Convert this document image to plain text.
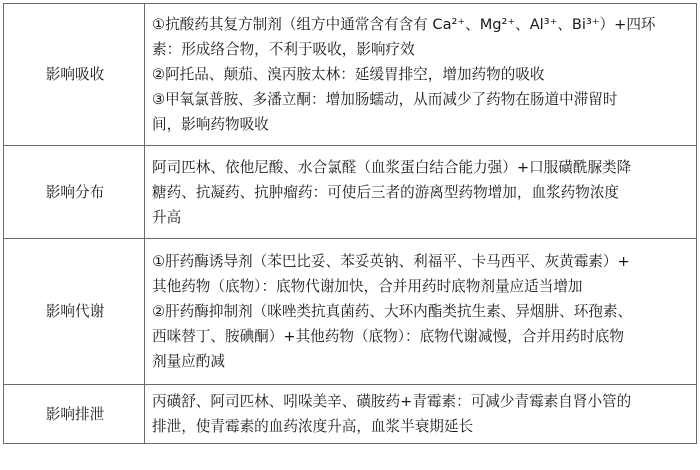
影响吸收	①抗酸药其复方制剂（组方中通常含有含有 Ca²⁺、Mg²⁺、Al³⁺、Bi³⁺）+四环
素：形成络合物，不利于吸收，影响疗效
②阿托品、颠茄、溴丙胺太林：延缓胃排空，增加药物的吸收
③甲氧氯普胺、多潘立酮：增加肠蠕动，从而减少了药物在肠道中滞留时
间，影响药物吸收

影响分布	阿司匹林、依他尼酸、水合氯醛（血浆蛋白结合能力强）+口服磺酰脲类降
糖药、抗凝药、抗肿瘤药：可使后三者的游离型药物增加，血浆药物浓度
升高

影响代谢	①肝药酶诱导剂（苯巴比妥、苯妥英钠、利福平、卡马西平、灰黄霉素）+
其他药物（底物）：底物代谢加快，合并用药时底物剂量应适当增加
②肝药酶抑制剂（咪唑类抗真菌药、大环内酯类抗生素、异烟肼、环孢素、
西咪替丁、胺碘酮）+其他药物（底物）：底物代谢减慢，合并用药时底物
剂量应酌减

影响排泄	丙磺舒、阿司匹林、吲哚美辛、磺胺药+青霉素：可减少青霉素自肾小管的
排泄，使青霉素的血药浓度升高，血浆半衰期延长
